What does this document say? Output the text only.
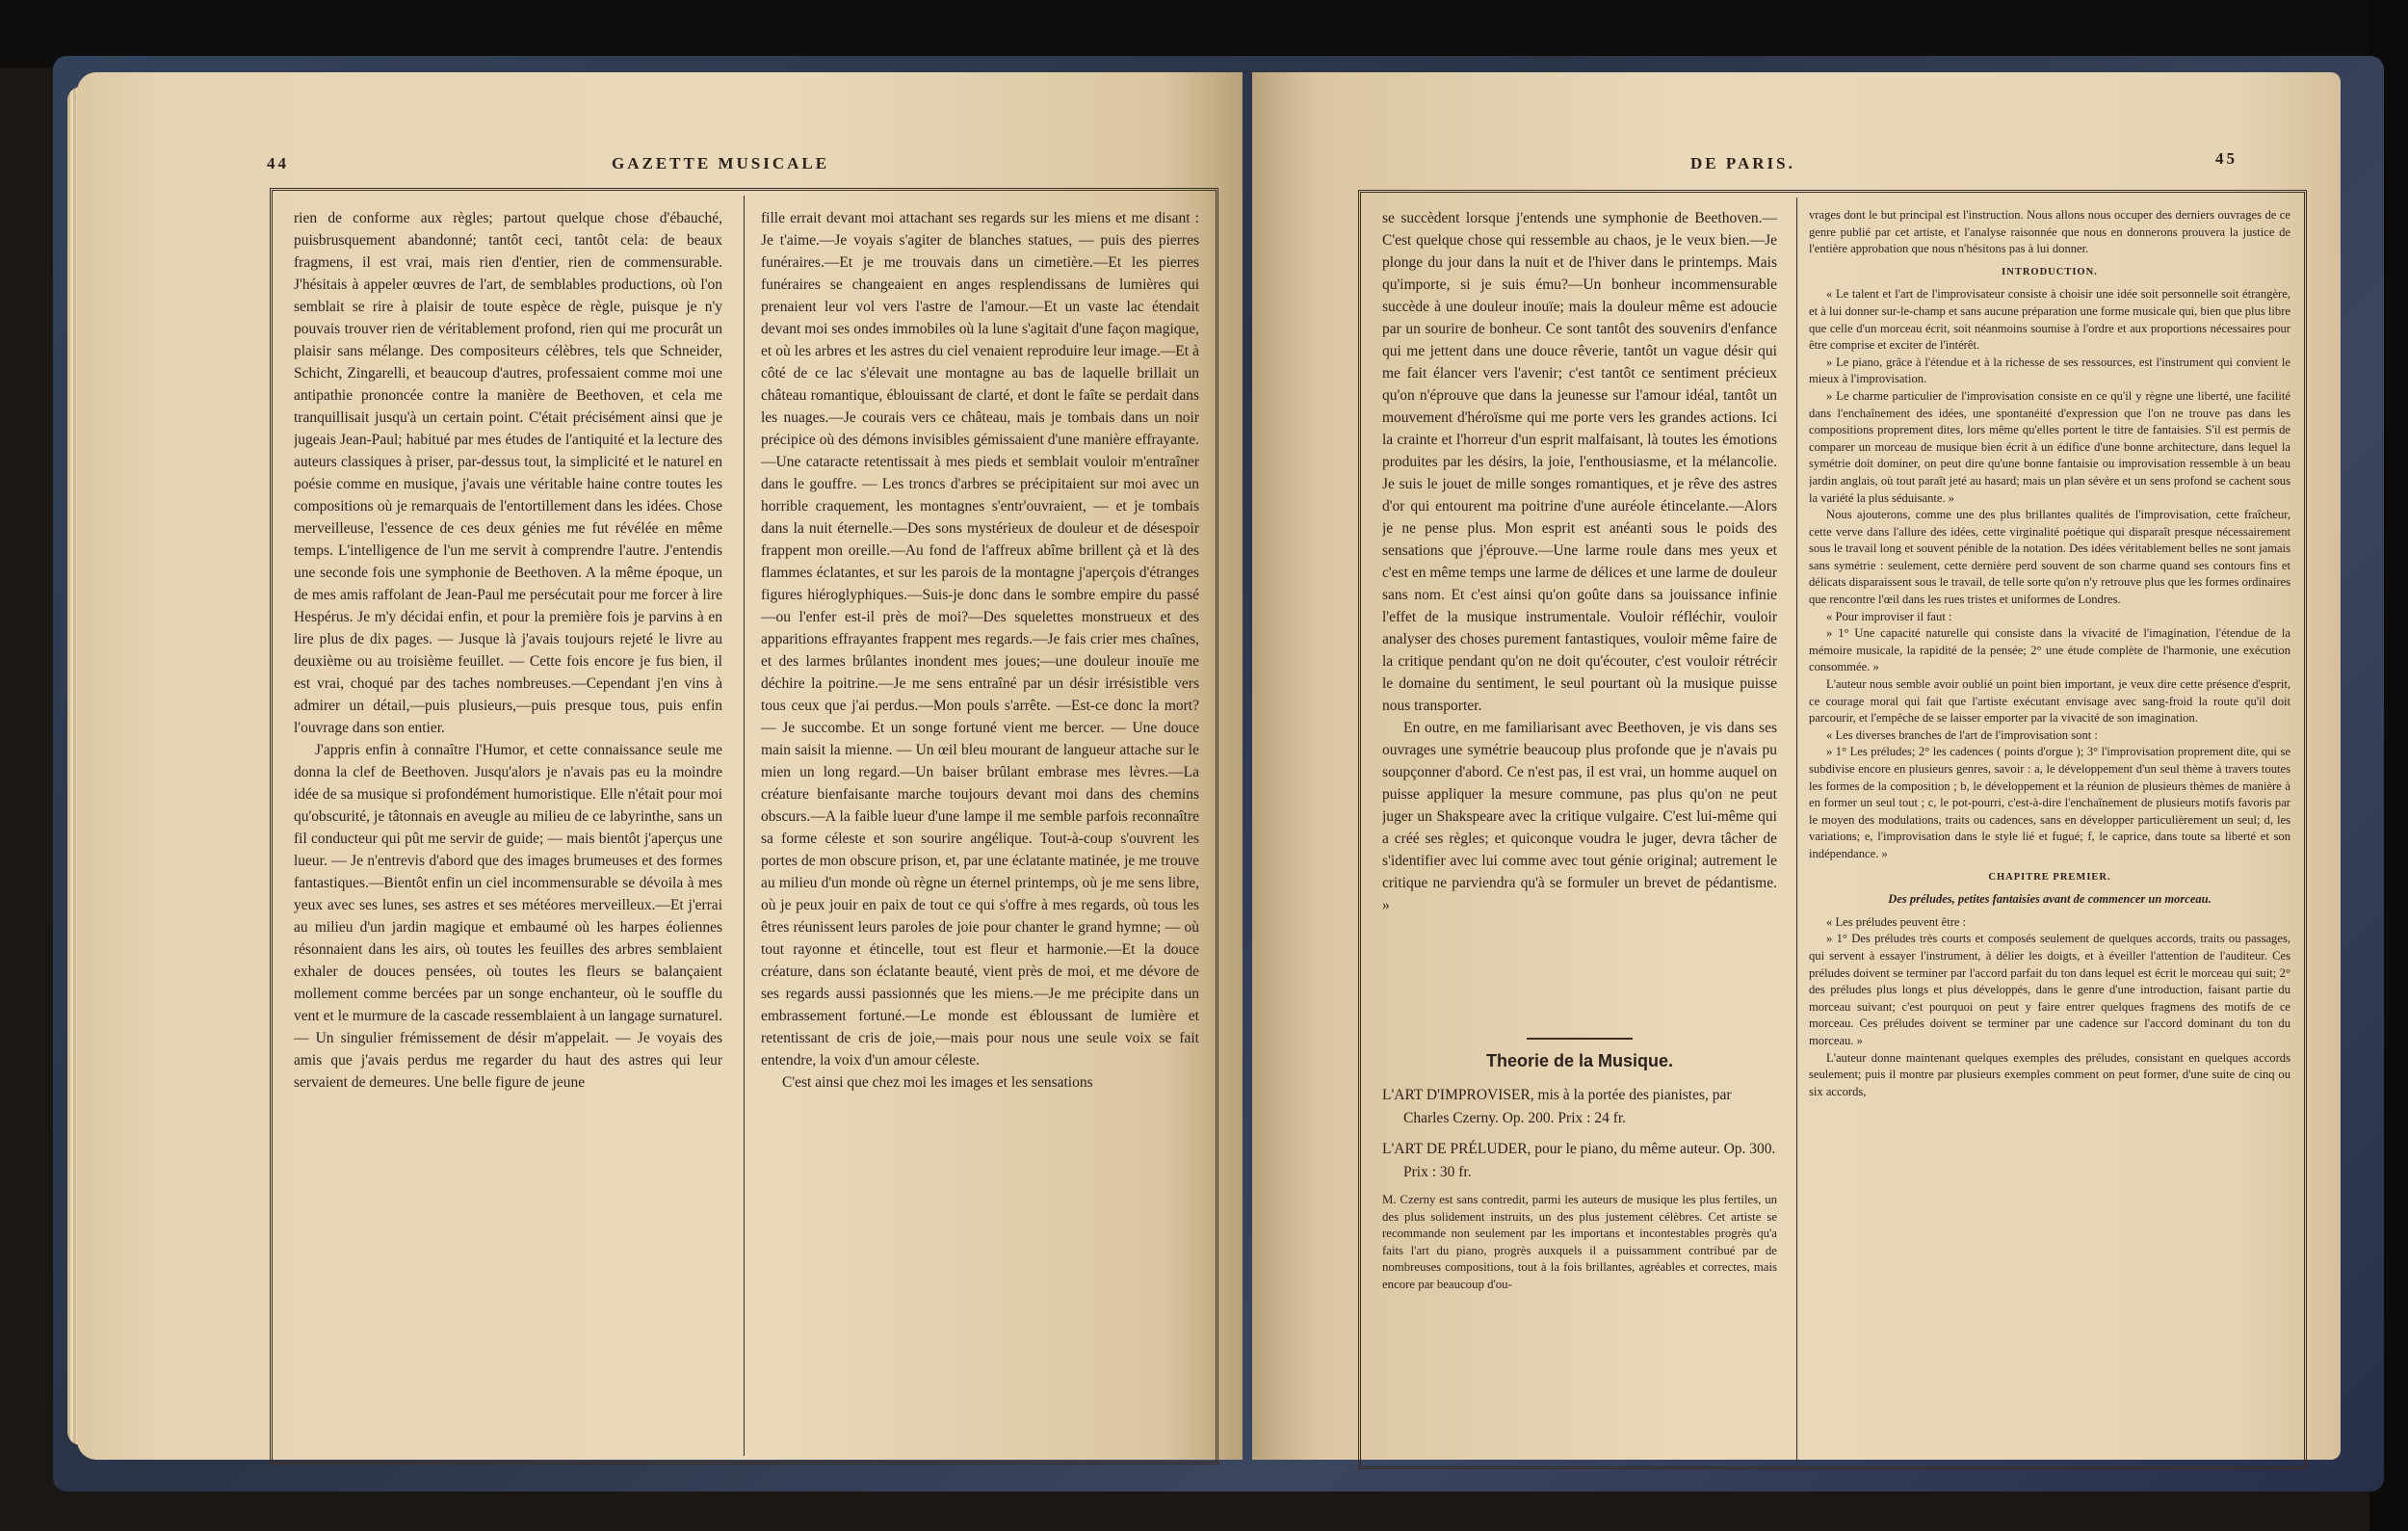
44	GAZETTE MUSICALE

rien de conforme aux règles; partout quelque chose d'ébauché, puisbrusquement abandonné; tantôt ceci, tantôt cela: de beaux fragmens, il est vrai, mais rien d'entier, rien de commensurable. J'hésitais à appeler œuvres de l'art, de semblables productions, où l'on semblait se rire à plaisir de toute espèce de règle, puisque je n'y pouvais trouver rien de véritablement profond, rien qui me procurât un plaisir sans mélange. Des compositeurs célèbres, tels que Schneider, Schicht, Zingarelli, et beaucoup d'autres, professaient comme moi une antipathie prononcée contre la manière de Beethoven, et cela me tranquillisait jusqu'à un certain point. C'était précisément ainsi que je jugeais Jean-Paul; habitué par mes études de l'antiquité et la lecture des auteurs classiques à priser, par-dessus tout, la simplicité et le naturel en poésie comme en musique, j'avais une véritable haine contre toutes les compositions où je remarquais de l'entortillement dans les idées. Chose merveilleuse, l'essence de ces deux génies me fut révélée en même temps. L'intelligence de l'un me servit à comprendre l'autre. J'entendis une seconde fois une symphonie de Beethoven. A la même époque, un de mes amis raffolant de Jean-Paul me persécutait pour me forcer à lire Hespérus. Je m'y décidai enfin, et pour la première fois je parvins à en lire plus de dix pages. — Jusque là j'avais toujours rejeté le livre au deuxième ou au troisième feuillet. — Cette fois encore je fus bien, il est vrai, choqué par des taches nombreuses.—Cependant j'en vins à admirer un détail,—puis plusieurs,—puis presque tous, puis enfin l'ouvrage dans son entier.

J'appris enfin à connaître l'Humor, et cette connaissance seule me donna la clef de Beethoven. Jusqu'alors je n'avais pas eu la moindre idée de sa musique si profondément humoristique. Elle n'était pour moi qu'obscurité, je tâtonnais en aveugle au milieu de ce labyrinthe, sans un fil conducteur qui pût me servir de guide; — mais bientôt j'aperçus une lueur. — Je n'entrevis d'abord que des images brumeuses et des formes fantastiques.—Bientôt enfin un ciel incommensurable se dévoila à mes yeux avec ses lunes, ses astres et ses météores merveilleux.—Et j'errai au milieu d'un jardin magique et embaumé où les harpes éoliennes résonnaient dans les airs, où toutes les feuilles des arbres semblaient exhaler de douces pensées, où toutes les fleurs se balançaient mollement comme bercées par un songe enchanteur, où le souffle du vent et le murmure de la cascade ressemblaient à un langage surnaturel. — Un singulier frémissement de désir m'appelait. — Je voyais des amis que j'avais perdus me regarder du haut des astres qui leur servaient de demeures. Une belle figure de jeune

fille errait devant moi attachant ses regards sur les miens et me disant : Je t'aime.—Je voyais s'agiter de blanches statues, — puis des pierres funéraires.—Et je me trouvais dans un cimetière.—Et les pierres funéraires se changeaient en anges resplendissans de lumières qui prenaient leur vol vers l'astre de l'amour.—Et un vaste lac étendait devant moi ses ondes immobiles où la lune s'agitait d'une façon magique, et où les arbres et les astres du ciel venaient reproduire leur image.—Et à côté de ce lac s'élevait une montagne au bas de laquelle brillait un château romantique, éblouissant de clarté, et dont le faîte se perdait dans les nuages.—Je courais vers ce château, mais je tombais dans un noir précipice où des démons invisibles gémissaient d'une manière effrayante.—Une cataracte retentissait à mes pieds et semblait vouloir m'entraîner dans le gouffre. — Les troncs d'arbres se précipitaient sur moi avec un horrible craquement, les montagnes s'entr'ouvraient, — et je tombais dans la nuit éternelle.—Des sons mystérieux de douleur et de désespoir frappent mon oreille.—Au fond de l'affreux abîme brillent çà et là des flammes éclatantes, et sur les parois de la montagne j'aperçois d'étranges figures hiéroglyphiques.—Suis-je donc dans le sombre empire du passé —ou l'enfer est-il près de moi?—Des squelettes monstrueux et des apparitions effrayantes frappent mes regards.—Je fais crier mes chaînes, et des larmes brûlantes inondent mes joues;—une douleur inouïe me déchire la poitrine.—Je me sens entraîné par un désir irrésistible vers tous ceux que j'ai perdus.—Mon pouls s'arrête. —Est-ce donc la mort? — Je succombe. Et un songe fortuné vient me bercer. — Une douce main saisit la mienne. — Un œil bleu mourant de langueur attache sur le mien un long regard.—Un baiser brûlant embrase mes lèvres.—La créature bienfaisante marche toujours devant moi dans des chemins obscurs.—A la faible lueur d'une lampe il me semble parfois reconnaître sa forme céleste et son sourire angélique. Tout-à-coup s'ouvrent les portes de mon obscure prison, et, par une éclatante matinée, je me trouve au milieu d'un monde où règne un éternel printemps, où je me sens libre, où je peux jouir en paix de tout ce qui s'offre à mes regards, où tous les êtres réunissent leurs paroles de joie pour chanter le grand hymne; — où tout rayonne et étincelle, tout est fleur et harmonie.—Et la douce créature, dans son éclatante beauté, vient près de moi, et me dévore de ses regards aussi passionnés que les miens.—Je me précipite dans un embrassement fortuné.—Le monde est ébloussant de lumière et retentissant de cris de joie,—mais pour nous une seule voix se fait entendre, la voix d'un amour céleste.

C'est ainsi que chez moi les images et les sensations

DE PARIS.	45

se succèdent lorsque j'entends une symphonie de Beethoven.—C'est quelque chose qui ressemble au chaos, je le veux bien.—Je plonge du jour dans la nuit et de l'hiver dans le printemps. Mais qu'importe, si je suis ému?—Un bonheur incommensurable succède à une douleur inouïe; mais la douleur même est adoucie par un sourire de bonheur. Ce sont tantôt des souvenirs d'enfance qui me jettent dans une douce rêverie, tantôt un vague désir qui me fait élancer vers l'avenir; c'est tantôt ce sentiment précieux qu'on n'éprouve que dans la jeunesse sur l'amour idéal, tantôt un mouvement d'héroïsme qui me porte vers les grandes actions. Ici la crainte et l'horreur d'un esprit malfaisant, là toutes les émotions produites par les désirs, la joie, l'enthousiasme, et la mélancolie. Je suis le jouet de mille songes romantiques, et je rêve des astres d'or qui entourent ma poitrine d'une auréole étincelante.—Alors je ne pense plus. Mon esprit est anéanti sous le poids des sensations que j'éprouve.—Une larme roule dans mes yeux et c'est en même temps une larme de délices et une larme de douleur sans nom. Et c'est ainsi qu'on goûte dans sa jouissance infinie l'effet de la musique instrumentale. Vouloir réfléchir, vouloir analyser des choses purement fantastiques, vouloir même faire de la critique pendant qu'on ne doit qu'écouter, c'est vouloir rétrécir le domaine du sentiment, le seul pourtant où la musique puisse nous transporter.

En outre, en me familiarisant avec Beethoven, je vis dans ses ouvrages une symétrie beaucoup plus profonde que je n'avais pu soupçonner d'abord. Ce n'est pas, il est vrai, un homme auquel on puisse appliquer la mesure commune, pas plus qu'on ne peut juger un Shakspeare avec la critique vulgaire. C'est lui-même qui a créé ses règles; et quiconque voudra le juger, devra tâcher de s'identifier avec lui comme avec tout génie original; autrement le critique ne parviendra qu'à se formuler un brevet de pédantisme. »

Theorie de la Musique.
L'ART D'IMPROVISER, mis à la portée des pianistes, par Charles Czerny. Op. 200. Prix : 24 fr.
L'ART DE PRÉLUDER, pour le piano, du même auteur. Op. 300. Prix : 30 fr.
M. Czerny est sans contredit, parmi les auteurs de musique les plus fertiles, un des plus solidement instruits, un des plus justement célèbres. Cet artiste se recommande non seulement par les importans et incontestables progrès qu'a faits l'art du piano, progrès auxquels il a puissamment contribué par de nombreuses compositions, tout à la fois brillantes, agréables et correctes, mais encore par beaucoup d'ou-

vrages dont le but principal est l'instruction. Nous allons nous occuper des derniers ouvrages de ce genre publié par cet artiste, et l'analyse raisonnée que nous en donnerons prouvera la justice de l'entière approbation que nous n'hésitons pas à lui donner.

INTRODUCTION.

« Le talent et l'art de l'improvisateur consiste à choisir une idée soit personnelle soit étrangère, et à lui donner sur-le-champ et sans aucune préparation une forme musicale qui, bien que plus libre que celle d'un morceau écrit, soit néanmoins soumise à l'ordre et aux proportions nécessaires pour être comprise et exciter de l'intérêt.

» Le piano, grâce à l'étendue et à la richesse de ses ressources, est l'instrument qui convient le mieux à l'improvisation.

» Le charme particulier de l'improvisation consiste en ce qu'il y règne une liberté, une facilité dans l'enchaînement des idées, une spontanéité d'expression que l'on ne trouve pas dans les compositions proprement dites, lors même qu'elles portent le titre de fantaisies. S'il est permis de comparer un morceau de musique bien écrit à un édifice d'une bonne architecture, dans lequel la symétrie doit dominer, on peut dire qu'une bonne fantaisie ou improvisation ressemble à un beau jardin anglais, où tout paraît jeté au hasard; mais un plan sévère et un sens profond se cachent sous la variété la plus séduisante. »

Nous ajouterons, comme une des plus brillantes qualités de l'improvisation, cette fraîcheur, cette verve dans l'allure des idées, cette virginalité poétique qui disparaît presque nécessairement sous le travail long et souvent pénible de la notation. Des idées véritablement belles ne sont jamais sans symétrie : seulement, cette dernière perd souvent de son charme quand ses contours fins et délicats disparaissent sous le travail, de telle sorte qu'on n'y retrouve plus que les formes ordinaires que rencontre l'œil dans les rues tristes et uniformes de Londres.

« Pour improviser il faut :

» 1° Une capacité naturelle qui consiste dans la vivacité de l'imagination, l'étendue de la mémoire musicale, la rapidité de la pensée; 2° une étude complète de l'harmonie, une exécution consommée. »

L'auteur nous semble avoir oublié un point bien important, je veux dire cette présence d'esprit, ce courage moral qui fait que l'artiste exécutant envisage avec sang-froid la route qu'il doit parcourir, et l'empêche de se laisser emporter par la vivacité de son imagination.

« Les diverses branches de l'art de l'improvisation sont :

» 1° Les préludes; 2° les cadences ( points d'orgue ); 3° l'improvisation proprement dite, qui se subdivise encore en plusieurs genres, savoir : a, le développement d'un seul thème à travers toutes les formes de la composition ; b, le développement et la réunion de plusieurs thèmes de manière à en former un seul tout ; c, le pot-pourri, c'est-à-dire l'enchaînement de plusieurs motifs favoris par le moyen des modulations, traits ou cadences, sans en développer particulièrement un seul; d, les variations; e, l'improvisation dans le style lié et fugué; f, le caprice, dans toute sa liberté et son indépendance. »

CHAPITRE PREMIER.
Des préludes, petites fantaisies avant de commencer un morceau.

« Les préludes peuvent être :

» 1° Des préludes très courts et composés seulement de quelques accords, traits ou passages, qui servent à essayer l'instrument, à délier les doigts, et à éveiller l'attention de l'auditeur. Ces préludes doivent se terminer par l'accord parfait du ton dans lequel est écrit le morceau qui suit; 2° des préludes plus longs et plus développés, dans le genre d'une introduction, faisant partie du morceau suivant; c'est pourquoi on peut y faire entrer quelques fragmens des motifs de ce morceau. Ces préludes doivent se terminer par une cadence sur l'accord dominant du ton du morceau. »

L'auteur donne maintenant quelques exemples des préludes, consistant en quelques accords seulement; puis il montre par plusieurs exemples comment on peut former, d'une suite de cinq ou six accords,
